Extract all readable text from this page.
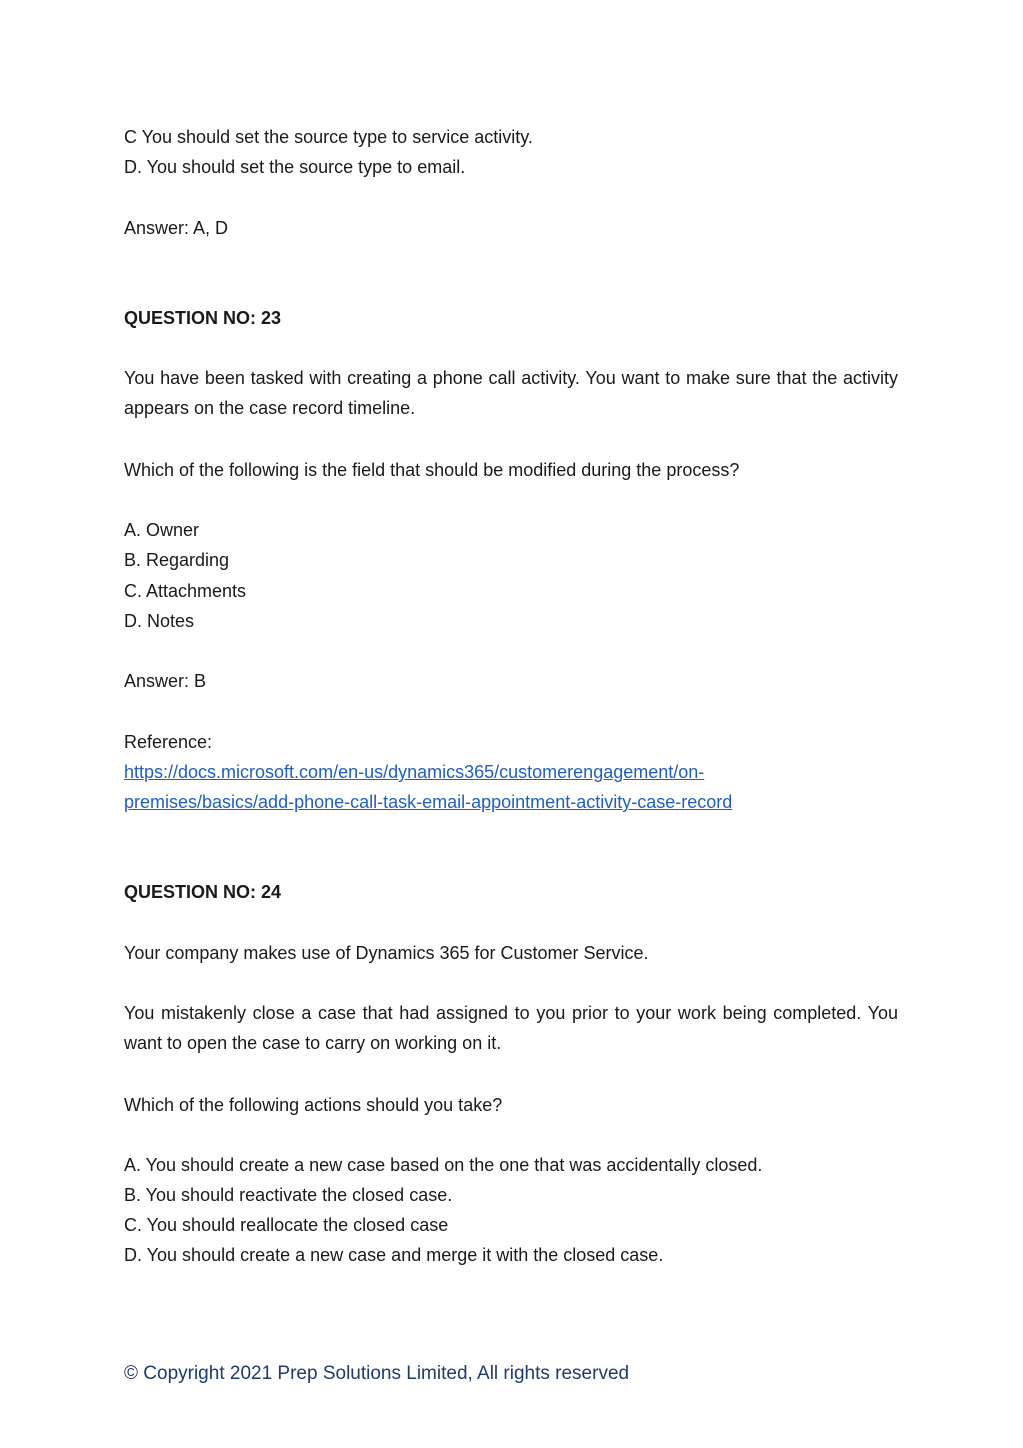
C You should set the source type to service activity.
D. You should set the source type to email.
Answer: A, D
QUESTION NO: 23
You have been tasked with creating a phone call activity. You want to make sure that the activity appears on the case record timeline.
Which of the following is the field that should be modified during the process?
A. Owner
B. Regarding
C. Attachments
D. Notes
Answer: B
Reference:
https://docs.microsoft.com/en-us/dynamics365/customerengagement/on-
premises/basics/add-phone-call-task-email-appointment-activity-case-record
QUESTION NO: 24
Your company makes use of Dynamics 365 for Customer Service.
You mistakenly close a case that had assigned to you prior to your work being completed. You want to open the case to carry on working on it.
Which of the following actions should you take?
A. You should create a new case based on the one that was accidentally closed.
B. You should reactivate the closed case.
C. You should reallocate the closed case
D. You should create a new case and merge it with the closed case.
© Copyright 2021 Prep Solutions Limited, All rights reserved
